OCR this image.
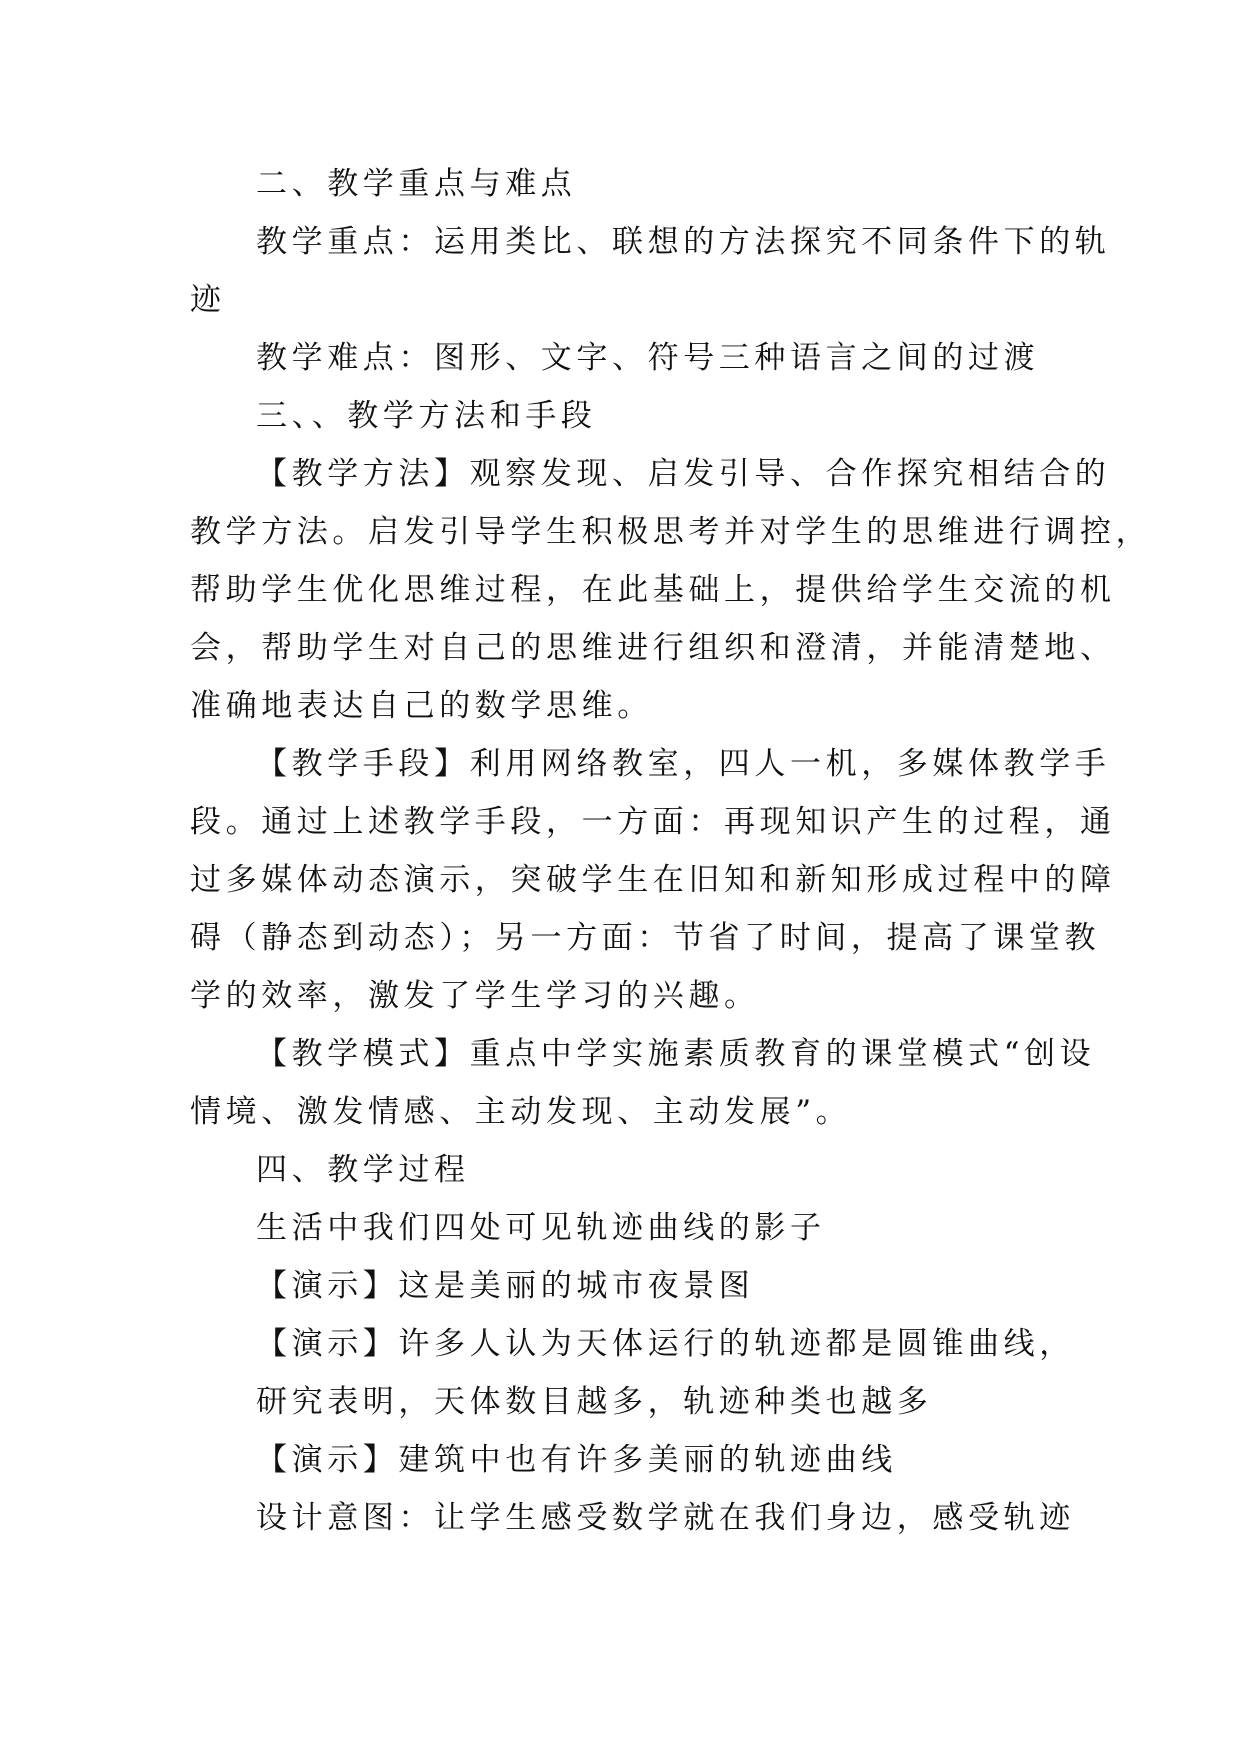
二、教学重点与难点
教学重点：运用类比、联想的方法探究不同条件下的轨
迹
教学难点：图形、文字、符号三种语言之间的过渡
三、、教学方法和手段
【教学方法】观察发现、启发引导、合作探究相结合的
教学方法。启发引导学生积极思考并对学生的思维进行调控，
帮助学生优化思维过程，在此基础上，提供给学生交流的机
会，帮助学生对自己的思维进行组织和澄清，并能清楚地、
准确地表达自己的数学思维。
【教学手段】利用网络教室，四人一机，多媒体教学手
段。通过上述教学手段，一方面：再现知识产生的过程，通
过多媒体动态演示，突破学生在旧知和新知形成过程中的障
碍（静态到动态）；另一方面：节省了时间，提高了课堂教
学的效率，激发了学生学习的兴趣。
【教学模式】重点中学实施素质教育的课堂模式“创设
情境、激发情感、主动发现、主动发展”。
四、教学过程
生活中我们四处可见轨迹曲线的影子
【演示】这是美丽的城市夜景图
【演示】许多人认为天体运行的轨迹都是圆锥曲线，
研究表明，天体数目越多，轨迹种类也越多
【演示】建筑中也有许多美丽的轨迹曲线
设计意图：让学生感受数学就在我们身边，感受轨迹
